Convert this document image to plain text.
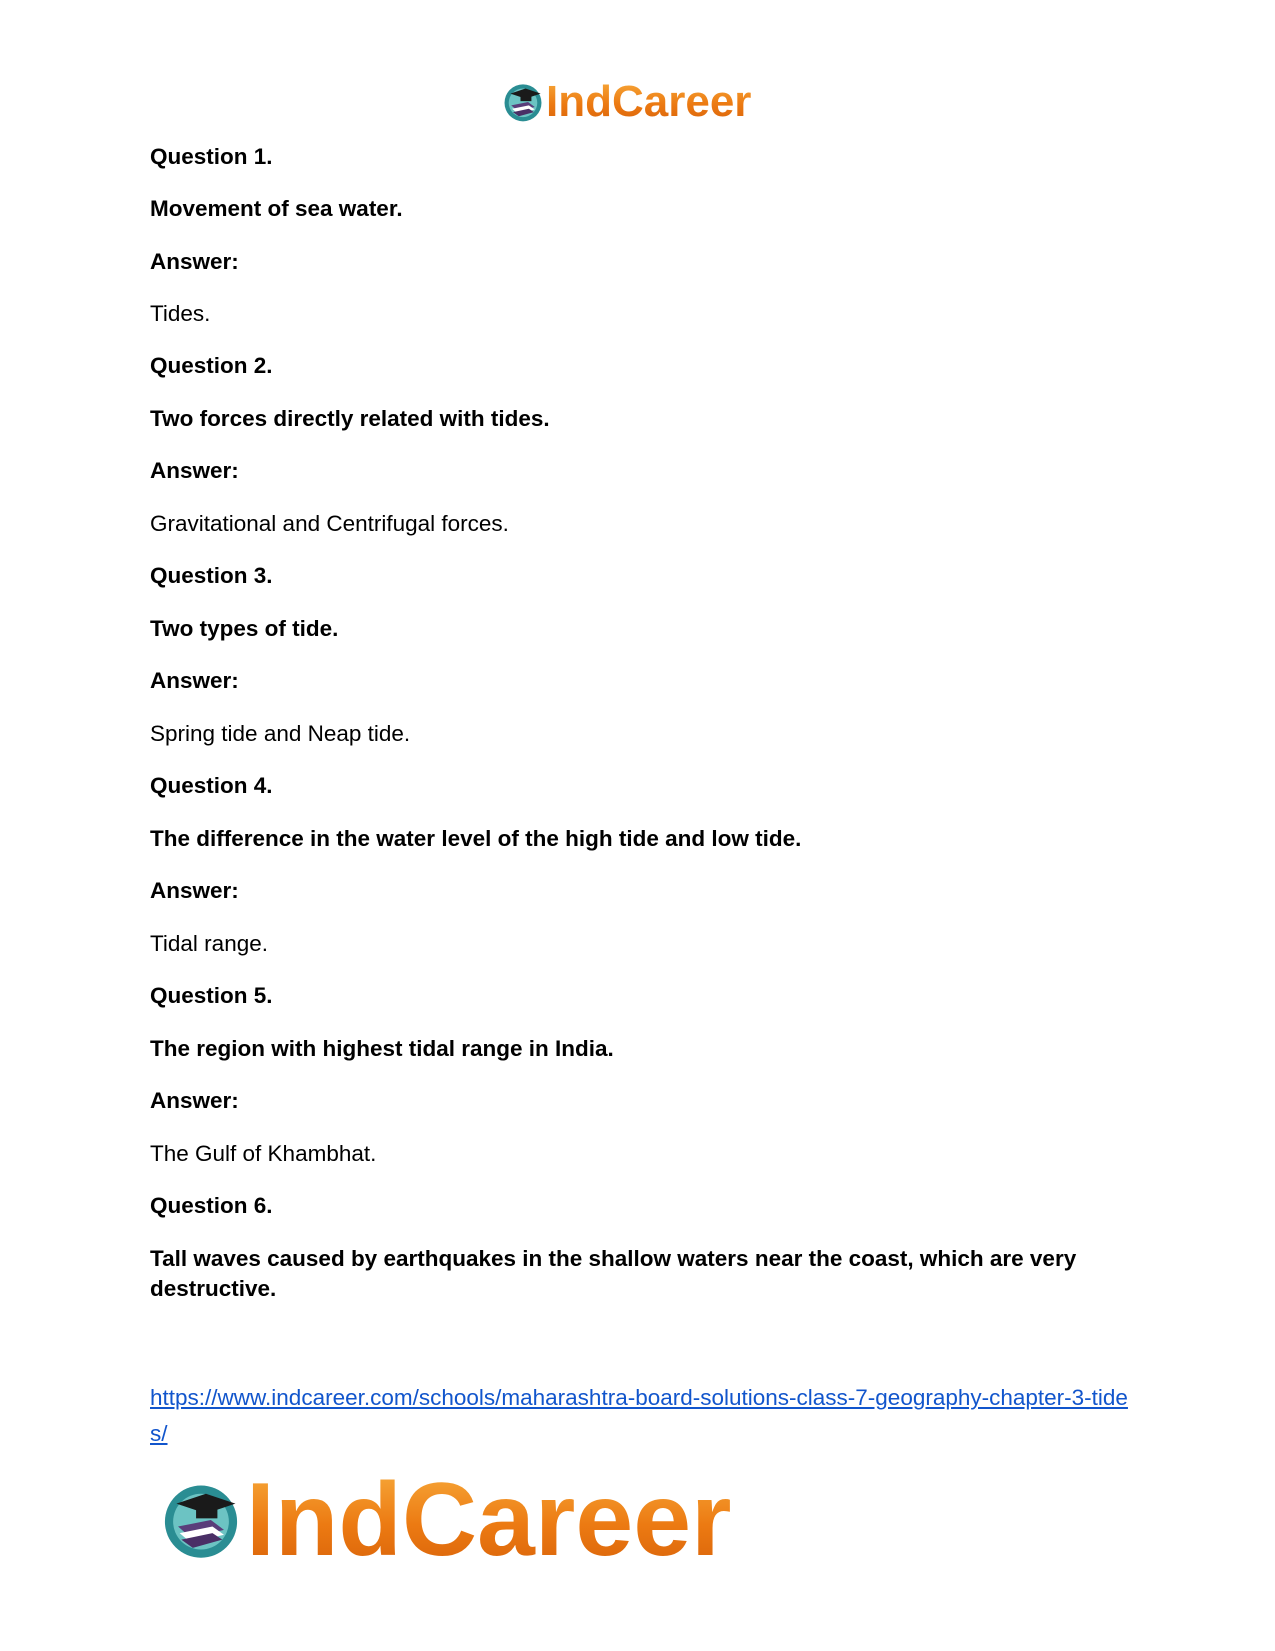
IndCareer

Question 1.

Movement of sea water.

Answer:

Tides.

Question 2.

Two forces directly related with tides.

Answer:

Gravitational and Centrifugal forces.

Question 3.

Two types of tide.

Answer:

Spring tide and Neap tide.

Question 4.

The difference in the water level of the high tide and low tide.

Answer:

Tidal range.

Question 5.

The region with highest tidal range in India.

Answer:

The Gulf of Khambhat.

Question 6.

Tall waves caused by earthquakes in the shallow waters near the coast, which are very destructive.

https://www.indcareer.com/schools/maharashtra-board-solutions-class-7-geography-chapter-3-tides/
IndCareer
